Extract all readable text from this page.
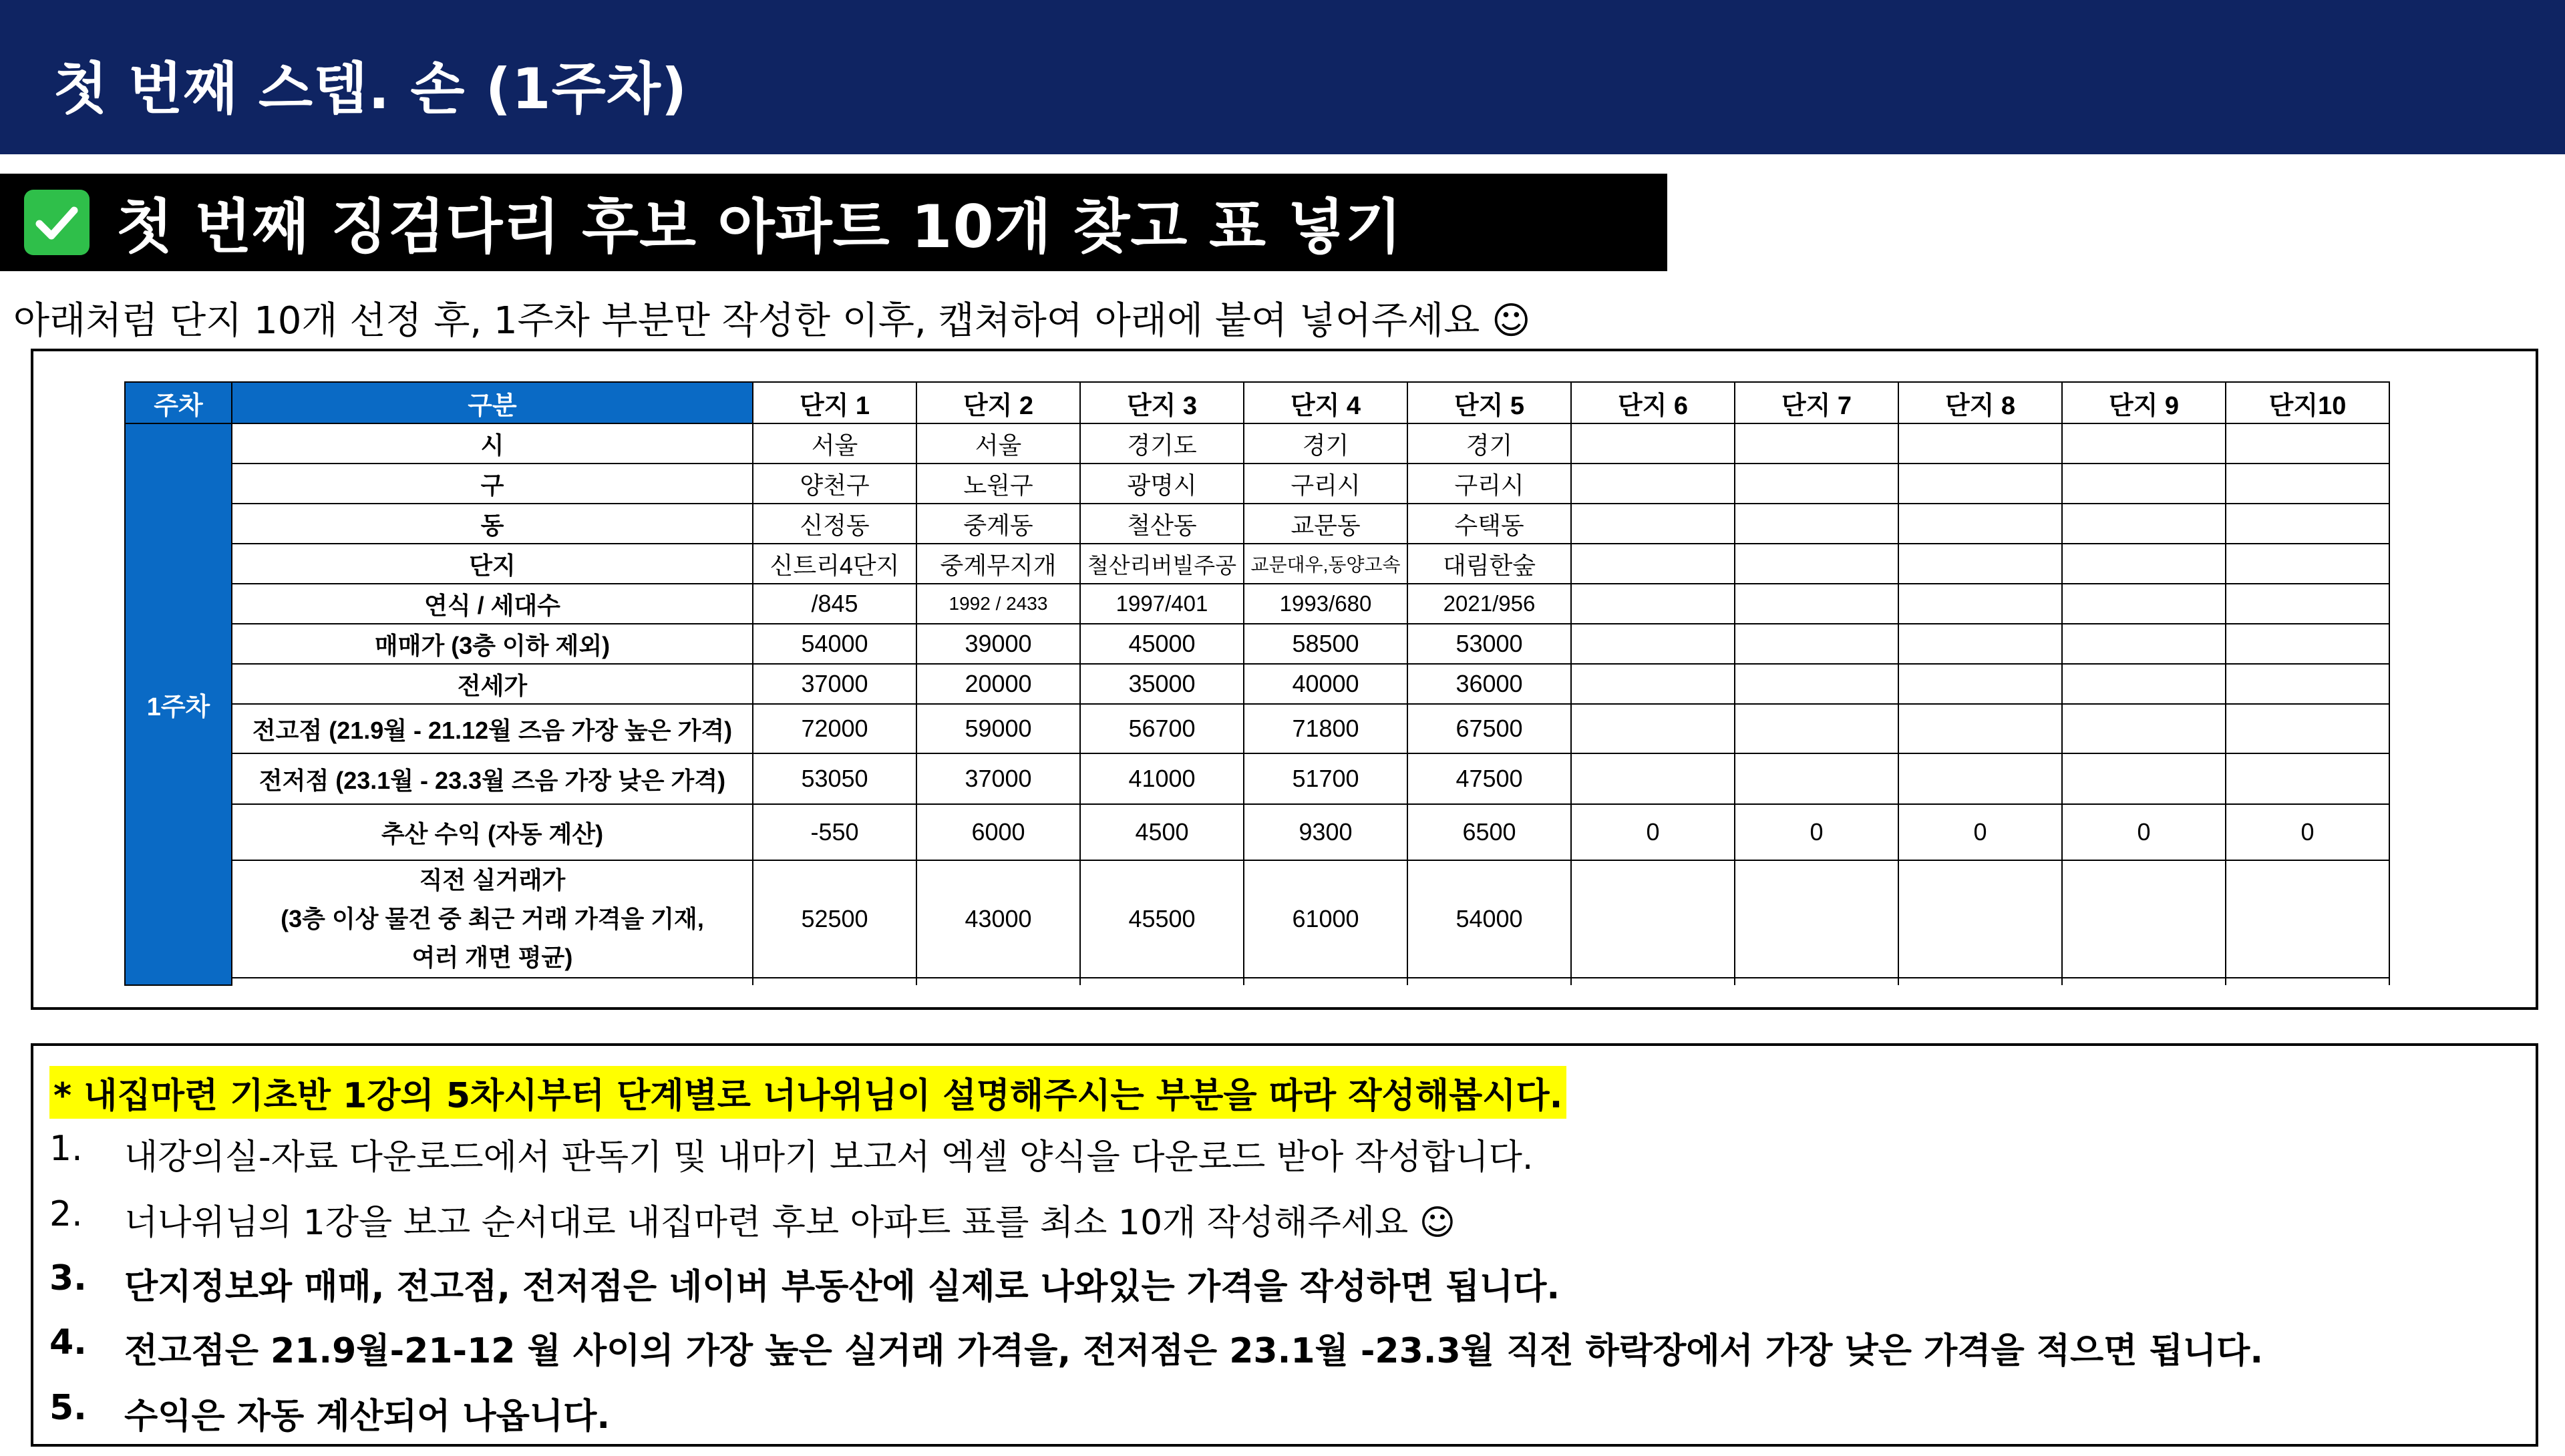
첫 번째 스텝. 손 (1주차)
첫 번째 징검다리 후보 아파트 10개 찾고 표 넣기
아래처럼 단지 10개 선정 후, 1주차 부분만 작성한 이후, 캡쳐하여 아래에 붙여 넣어주세요 ☺
주차	구분	단지 1	단지 2	단지 3	단지 4	단지 5	단지 6	단지 7	단지 8	단지 9	단지10
1주차	시	서울	서울	경기도	경기	경기					
	구	양천구	노원구	광명시	구리시	구리시					
	동	신정동	중계동	철산동	교문동	수택동					
	단지	신트리4단지	중계무지개	철산리버빌주공	교문대우,동양고속	대림한숲					
	연식 / 세대수	/845	1992 / 2433	1997/401	1993/680	2021/956					
	매매가 (3층 이하 제외)	54000	39000	45000	58500	53000					
	전세가	37000	20000	35000	40000	36000					
	전고점 (21.9월 - 21.12월 즈음 가장 높은 가격)	72000	59000	56700	71800	67500					
	전저점 (23.1월 - 23.3월 즈음 가장 낮은 가격)	53050	37000	41000	51700	47500					
	추산 수익 (자동 계산)	-550	6000	4500	9300	6500	0	0	0	0	0

	직전 실거래가
(3층 이상 물건 중 최근 거래 가격을 기재,
여러 개면 평균)	52500	43000	45500	61000	54000					

* 내집마련 기초반 1강의 5차시부터 단계별로 너나위님이 설명해주시는 부분을 따라 작성해봅시다.
1.	내강의실-자료 다운로드에서 판독기 및 내마기 보고서 엑셀 양식을 다운로드 받아 작성합니다.
2.	너나위님의 1강을 보고 순서대로 내집마련 후보 아파트 표를 최소 10개 작성해주세요 ☺
3.	단지정보와 매매, 전고점, 전저점은 네이버 부동산에 실제로 나와있는 가격을 작성하면 됩니다.
4.	전고점은 21.9월-21-12 월 사이의 가장 높은 실거래 가격을, 전저점은 23.1월 -23.3월 직전 하락장에서 가장 낮은 가격을 적으면 됩니다.
5.	수익은 자동 계산되어 나옵니다.
